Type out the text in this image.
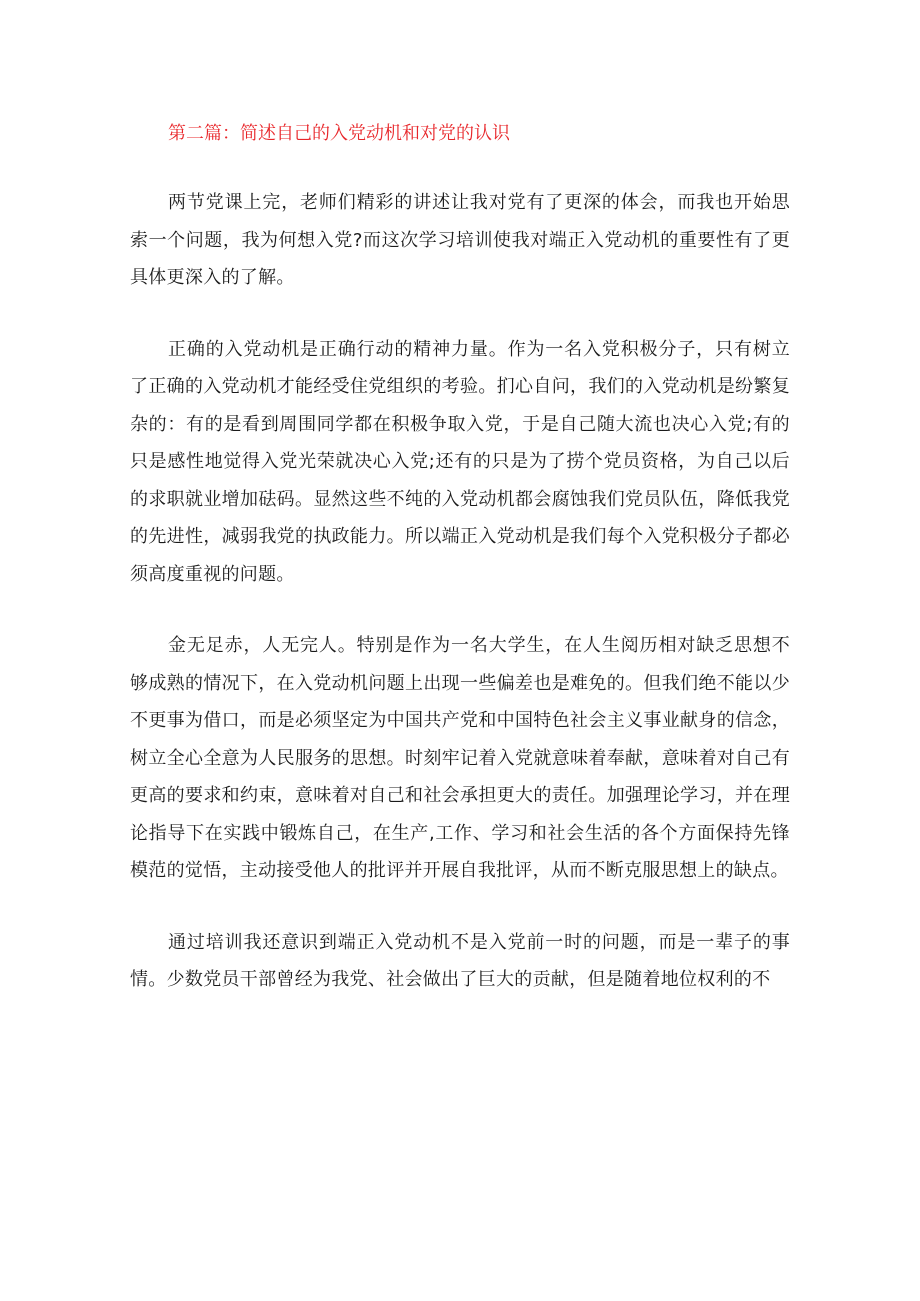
第二篇：简述自己的入党动机和对党的认识

两节党课上完，老师们精彩的讲述让我对党有了更深的体会，而我也开始思索一个问题，我为何想入党?而这次学习培训使我对端正入党动机的重要性有了更具体更深入的了解。

正确的入党动机是正确行动的精神力量。作为一名入党积极分子，只有树立了正确的入党动机才能经受住党组织的考验。扪心自问，我们的入党动机是纷繁复杂的：有的是看到周围同学都在积极争取入党，于是自己随大流也决心入党;有的只是感性地觉得入党光荣就决心入党;还有的只是为了捞个党员资格，为自己以后的求职就业增加砝码。显然这些不纯的入党动机都会腐蚀我们党员队伍，降低我党的先进性，减弱我党的执政能力。所以端正入党动机是我们每个入党积极分子都必须高度重视的问题。

金无足赤，人无完人。特别是作为一名大学生，在人生阅历相对缺乏思想不够成熟的情况下，在入党动机问题上出现一些偏差也是难免的。但我们绝不能以少不更事为借口，而是必须坚定为中国共产党和中国特色社会主义事业献身的信念，树立全心全意为人民服务的思想。时刻牢记着入党就意味着奉献，意味着对自己有更高的要求和约束，意味着对自己和社会承担更大的责任。加强理论学习，并在理论指导下在实践中锻炼自己，在生产,工作、学习和社会生活的各个方面保持先锋模范的觉悟，主动接受他人的批评并开展自我批评，从而不断克服思想上的缺点。

通过培训我还意识到端正入党动机不是入党前一时的问题，而是一辈子的事情。少数党员干部曾经为我党、社会做出了巨大的贡献，但是随着地位权利的不
